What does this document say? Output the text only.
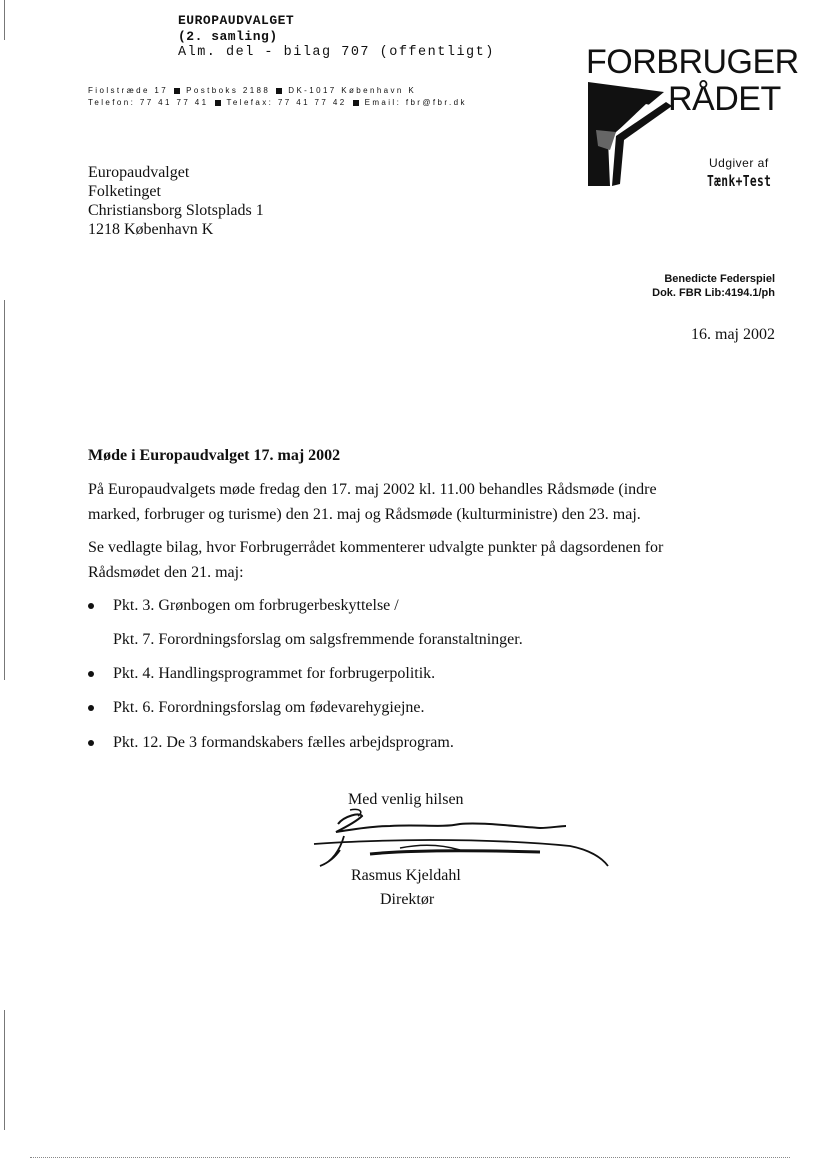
EUROPAUDVALGET
(2. samling)
Alm. del - bilag 707 (offentligt)
Fiolstræde 17 Postboks 2188 DK-1017 København K
Telefon: 77 41 77 41 Telefax: 77 41 77 42 Email: fbr@fbr.dk
FORBRUGER
RÅDET
Udgiver af
Tænk+Test
Europaudvalget
Folketinget
Christiansborg Slotsplads 1
1218 København K
Benedicte Federspiel
Dok. FBR Lib:4194.1/ph
16. maj 2002
Møde i Europaudvalget 17. maj 2002
På Europaudvalgets møde fredag den 17. maj 2002 kl. 11.00 behandles Rådsmøde (indre marked, forbruger og turisme) den 21. maj og Rådsmøde (kulturministre) den 23. maj.
Se vedlagte bilag, hvor Forbrugerrådet kommenterer udvalgte punkter på dagsordenen for Rådsmødet den 21. maj:
Pkt. 3. Grønbogen om forbrugerbeskyttelse /
Pkt. 7. Forordningsforslag om salgsfremmende foranstaltninger.
Pkt. 4. Handlingsprogrammet for forbrugerpolitik.
Pkt. 6. Forordningsforslag om fødevarehygiejne.
Pkt. 12. De 3 formandskabers fælles arbejdsprogram.
Med venlig hilsen
Rasmus Kjeldahl
Direktør
